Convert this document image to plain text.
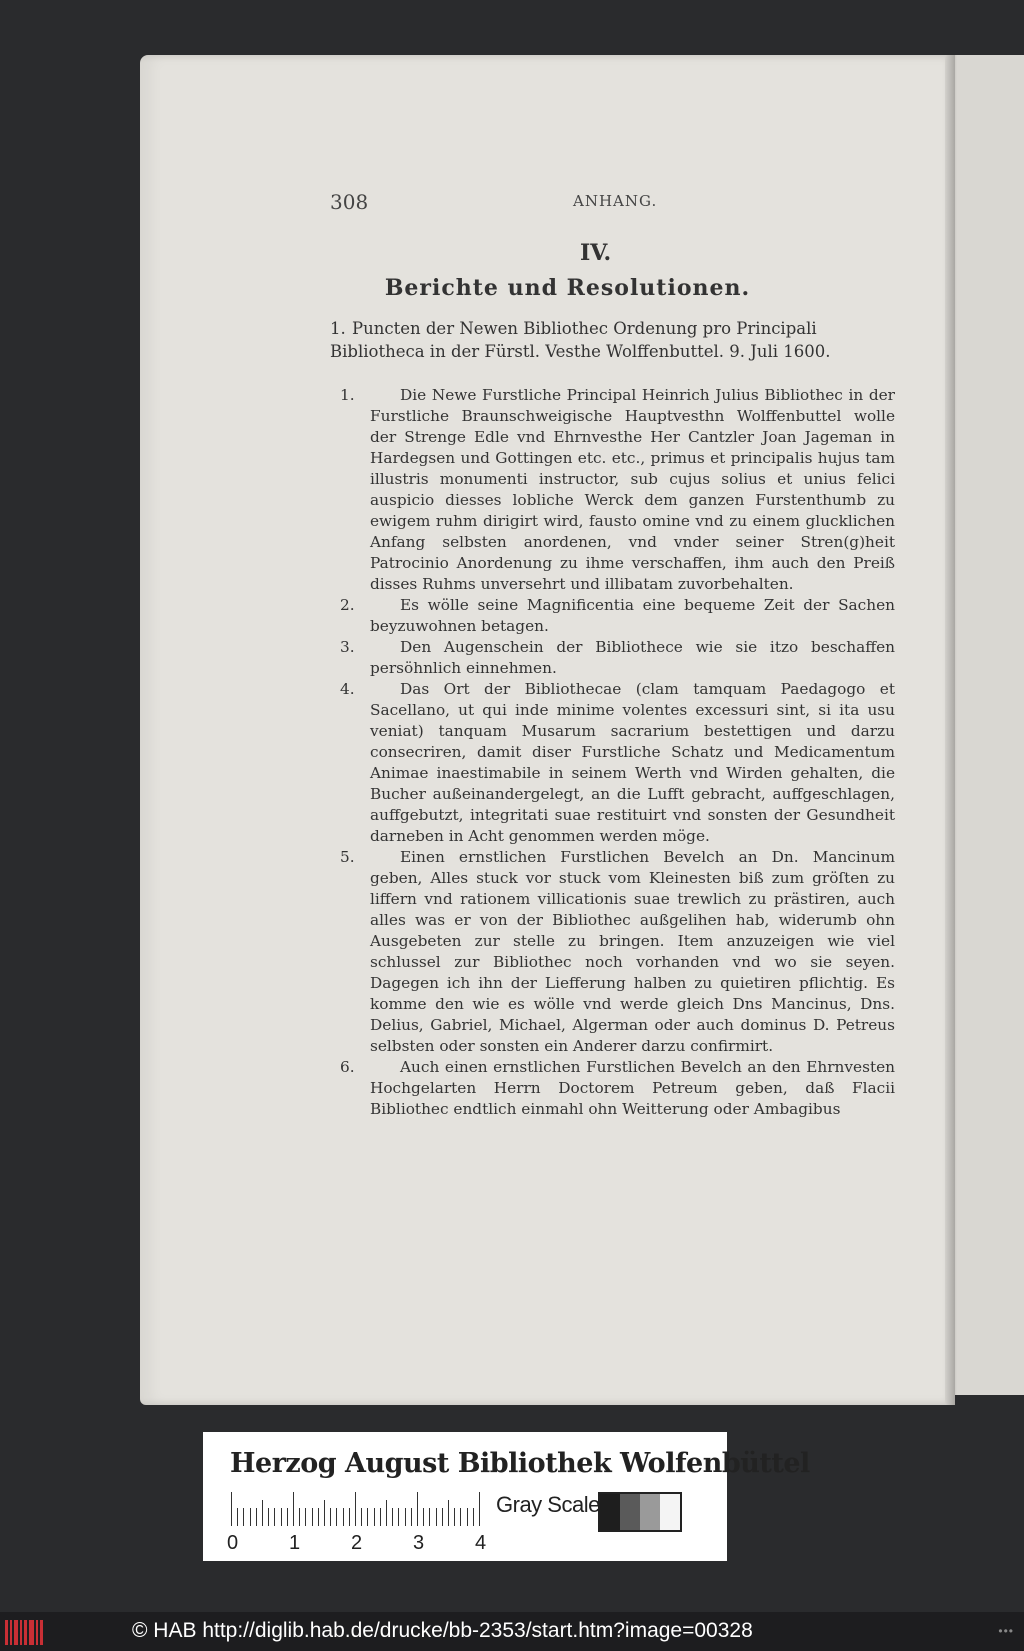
308	ANHANG.
IV.
Berichte und Resolutionen.
1. Puncten der Newen Bibliothec Ordenung pro Principali
Bibliotheca in der Fürstl. Vesthe Wolffenbuttel. 9. Juli 1600.
1.	Die Newe Furstliche Principal Heinrich Julius Bibliothec in der Furstliche Braunschweigische Hauptvesthn Wolffenbuttel wolle der Strenge Edle vnd Ehrnvesthe Her Cantzler Joan Jageman in Hardegsen und Gottingen etc. etc., primus et principalis hujus tam illustris monumenti instructor, sub cujus solius et unius felici auspicio diesses lobliche Werck dem ganzen Furstenthumb zu ewigem ruhm dirigirt wird, fausto omine vnd zu einem glucklichen Anfang selbsten anordenen, vnd vnder seiner Stren(g)heit Patrocinio Anordenung zu ihme verschaffen, ihm auch den Preiß disses Ruhms unversehrt und illibatam zuvorbehalten.
2.	Es wölle seine Magnificentia eine bequeme Zeit der Sachen beyzuwohnen betagen.
3.	Den Augenschein der Bibliothece wie sie itzo beschaffen persöhnlich einnehmen.
4.	Das Ort der Bibliothecae (clam tamquam Paedagogo et Sacellano, ut qui inde minime volentes excessuri sint, si ita usu veniat) tanquam Musarum sacrarium bestettigen und darzu consecriren, damit diser Furstliche Schatz und Medicamentum Animae inaestimabile in seinem Werth vnd Wirden gehalten, die Bucher außeinandergelegt, an die Lufft gebracht, auffgeschlagen, auffgebutzt, integritati suae restituirt vnd sonsten der Gesundheit darneben in Acht genommen werden möge.
5.	Einen ernstlichen Furstlichen Bevelch an Dn. Mancinum geben, Alles stuck vor stuck vom Kleinesten biß zum gröſten zu liffern vnd rationem villicationis suae trewlich zu prästiren, auch alles was er von der Bibliothec außgelihen hab, widerumb ohn Ausgebeten zur stelle zu bringen. Item anzuzeigen wie viel schlussel zur Bibliothec noch vorhanden vnd wo sie seyen. Dagegen ich ihn der Liefferung halben zu quietiren pflichtig. Es komme den wie es wölle vnd werde gleich Dns Mancinus, Dns. Delius, Gabriel, Michael, Algerman oder auch dominus D. Petreus selbsten oder sonsten ein Anderer darzu confirmirt.
6.	Auch einen ernstlichen Furstlichen Bevelch an den Ehrnvesten Hochgelarten Herrn Doctorem Petreum geben, daß Flacii Bibliothec endtlich einmahl ohn Weitterung oder Ambagibus
Herzog August Bibliothek Wolfenbüttel
0	1	2	3	4
Gray Scale
© HAB http://diglib.hab.de/drucke/bb-2353/start.htm?image=00328	•••
